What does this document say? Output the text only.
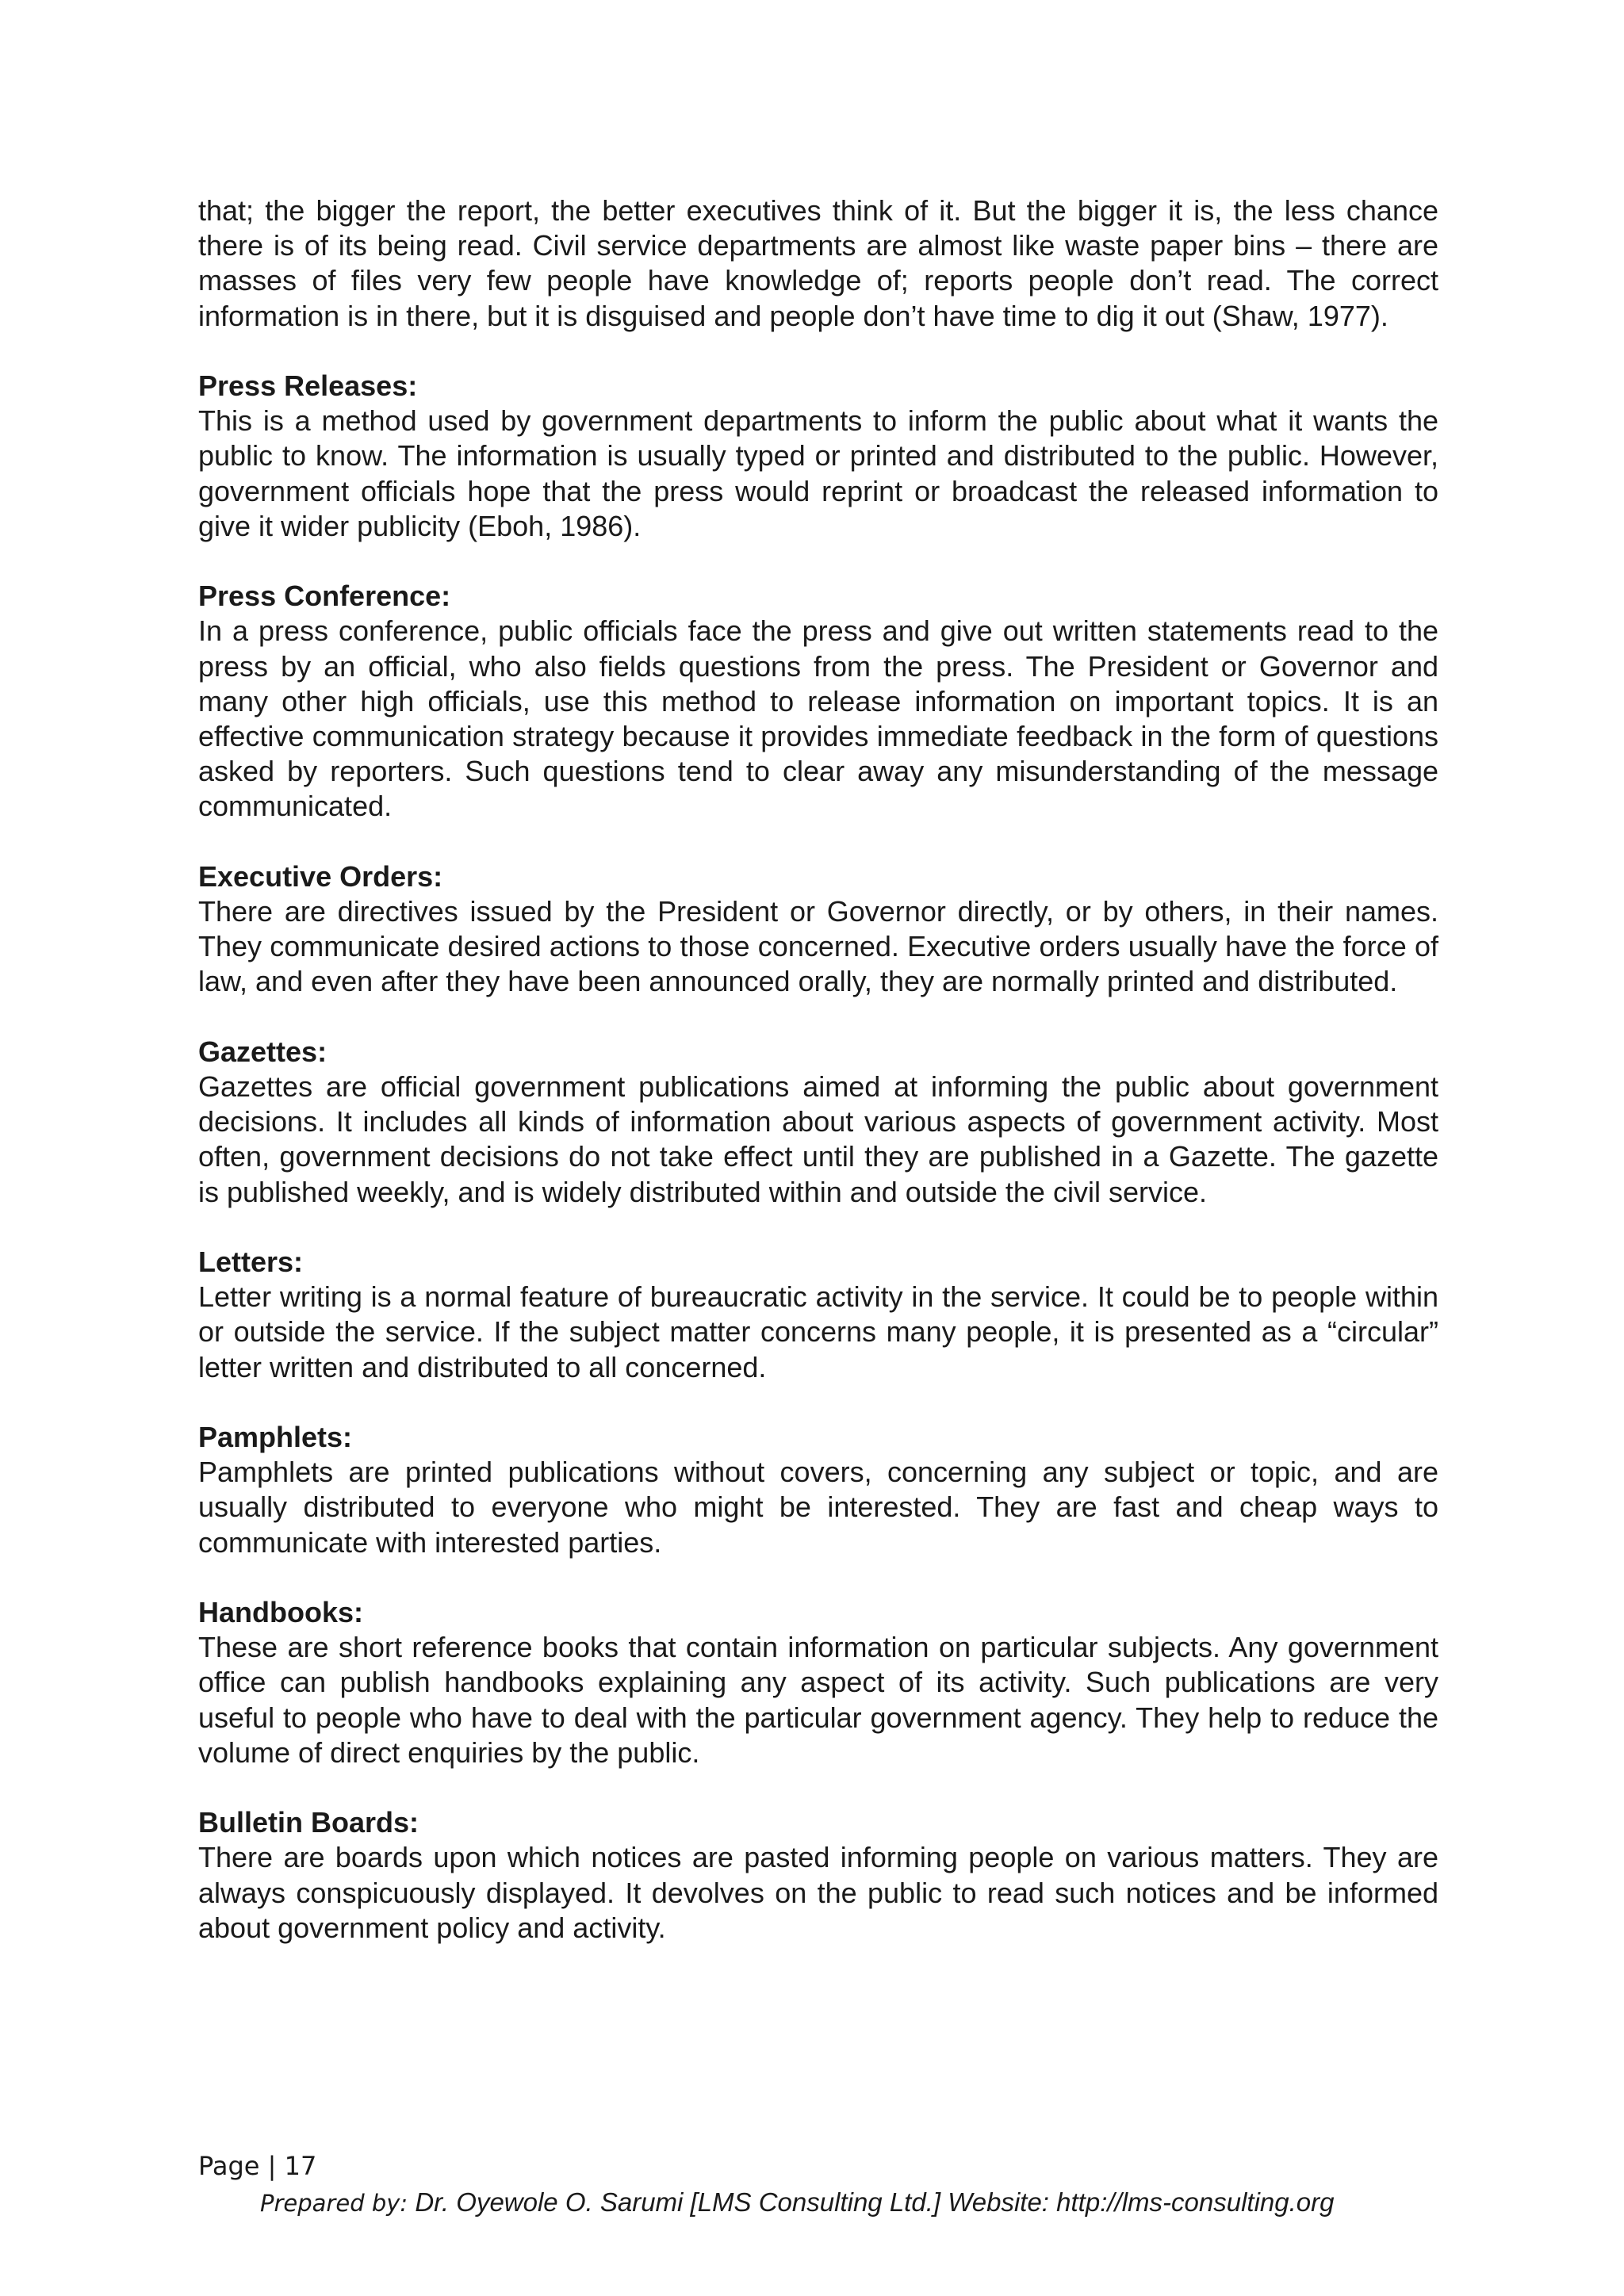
that; the bigger the report, the better executives think of it. But the bigger it is, the less chance there is of its being read. Civil service departments are almost like waste paper bins – there are masses of files very few people have knowledge of; reports people don’t read. The correct information is in there, but it is disguised and people don’t have time to dig it out (Shaw, 1977).

Press Releases:

This is a method used by government departments to inform the public about what it wants the public to know. The information is usually typed or printed and distributed to the public. However, government officials hope that the press would reprint or broadcast the released information to give it wider publicity (Eboh, 1986).

Press Conference:

In a press conference, public officials face the press and give out written statements read to the press by an official, who also fields questions from the press. The President or Governor and many other high officials, use this method to release information on important topics. It is an effective communication strategy because it provides immediate feedback in the form of questions asked by reporters. Such questions tend to clear away any misunderstanding of the message communicated.

Executive Orders:

There are directives issued by the President or Governor directly, or by others, in their names. They communicate desired actions to those concerned. Executive orders usually have the force of law, and even after they have been announced orally, they are normally printed and distributed.

Gazettes:

Gazettes are official government publications aimed at informing the public about government decisions. It includes all kinds of information about various aspects of government activity. Most often, government decisions do not take effect until they are published in a Gazette. The gazette is published weekly, and is widely distributed within and outside the civil service.

Letters:

Letter writing is a normal feature of bureaucratic activity in the service. It could be to people within or outside the service. If the subject matter concerns many people, it is presented as a “circular” letter written and distributed to all concerned.

Pamphlets:

Pamphlets are printed publications without covers, concerning any subject or topic, and are usually distributed to everyone who might be interested. They are fast and cheap ways to communicate with interested parties.

Handbooks:

These are short reference books that contain information on particular subjects. Any government office can publish handbooks explaining any aspect of its activity. Such publications are very useful to people who have to deal with the particular government agency. They help to reduce the volume of direct enquiries by the public.

Bulletin Boards:

There are boards upon which notices are pasted informing people on various matters. They are always conspicuously displayed. It devolves on the public to read such notices and be informed about government policy and activity.

Page | 17
Prepared by: Dr. Oyewole O. Sarumi [LMS Consulting Ltd.] Website: http://lms-consulting.org
